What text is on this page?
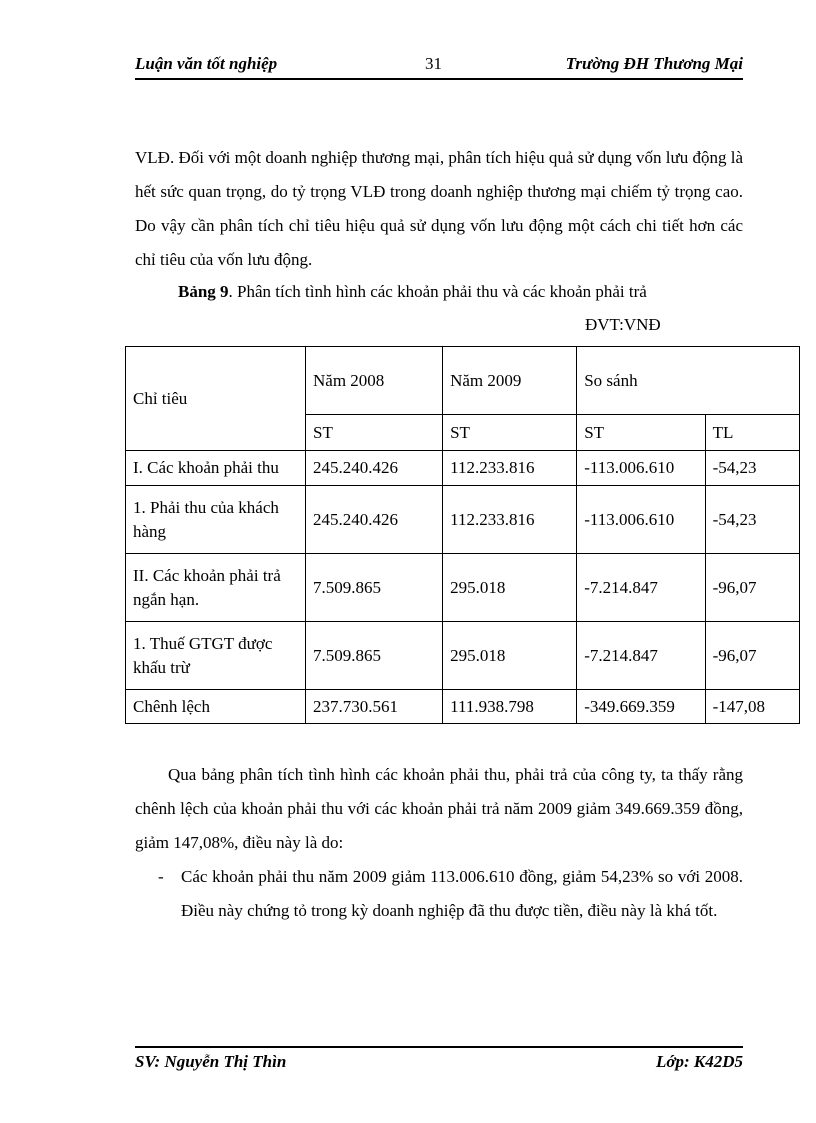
Luận văn tốt nghiệp	31	Trường ĐH Thương Mại
VLĐ. Đối với một doanh nghiệp thương mại, phân tích hiệu quả sử dụng vốn lưu động là hết sức quan trọng, do tỷ trọng VLĐ trong doanh nghiệp thương mại chiếm tỷ trọng cao. Do vậy cần phân tích chỉ tiêu hiệu quả sử dụng vốn lưu động một cách chi tiết hơn các chỉ tiêu của vốn lưu động.
Bảng 9. Phân tích tình hình các khoản phải thu và các khoản phải trả
ĐVT:VNĐ
Chỉ tiêu	Năm 2008	Năm 2009	So sánh	
	ST	ST	ST	TL
I. Các khoản phải thu	245.240.426	112.233.816	-113.006.610	-54,23
1. Phải thu của khách hàng	245.240.426	112.233.816	-113.006.610	-54,23
II. Các khoản phải trả ngắn hạn.	7.509.865	295.018	-7.214.847	-96,07
1. Thuế GTGT được khấu trừ	7.509.865	295.018	-7.214.847	-96,07
Chênh lệch	237.730.561	111.938.798	-349.669.359	-147,08
Qua bảng phân tích tình hình các khoản phải thu, phải trả của công ty, ta thấy rằng chênh lệch của khoản phải thu với các khoản phải trả năm 2009 giảm 349.669.359 đồng, giảm 147,08%, điều này là do:
- Các khoản phải thu năm 2009 giảm 113.006.610 đồng, giảm 54,23% so với 2008. Điều này chứng tỏ trong kỳ doanh nghiệp đã thu được tiền, điều này là khá tốt.
SV: Nguyễn Thị Thìn	Lớp: K42D5
